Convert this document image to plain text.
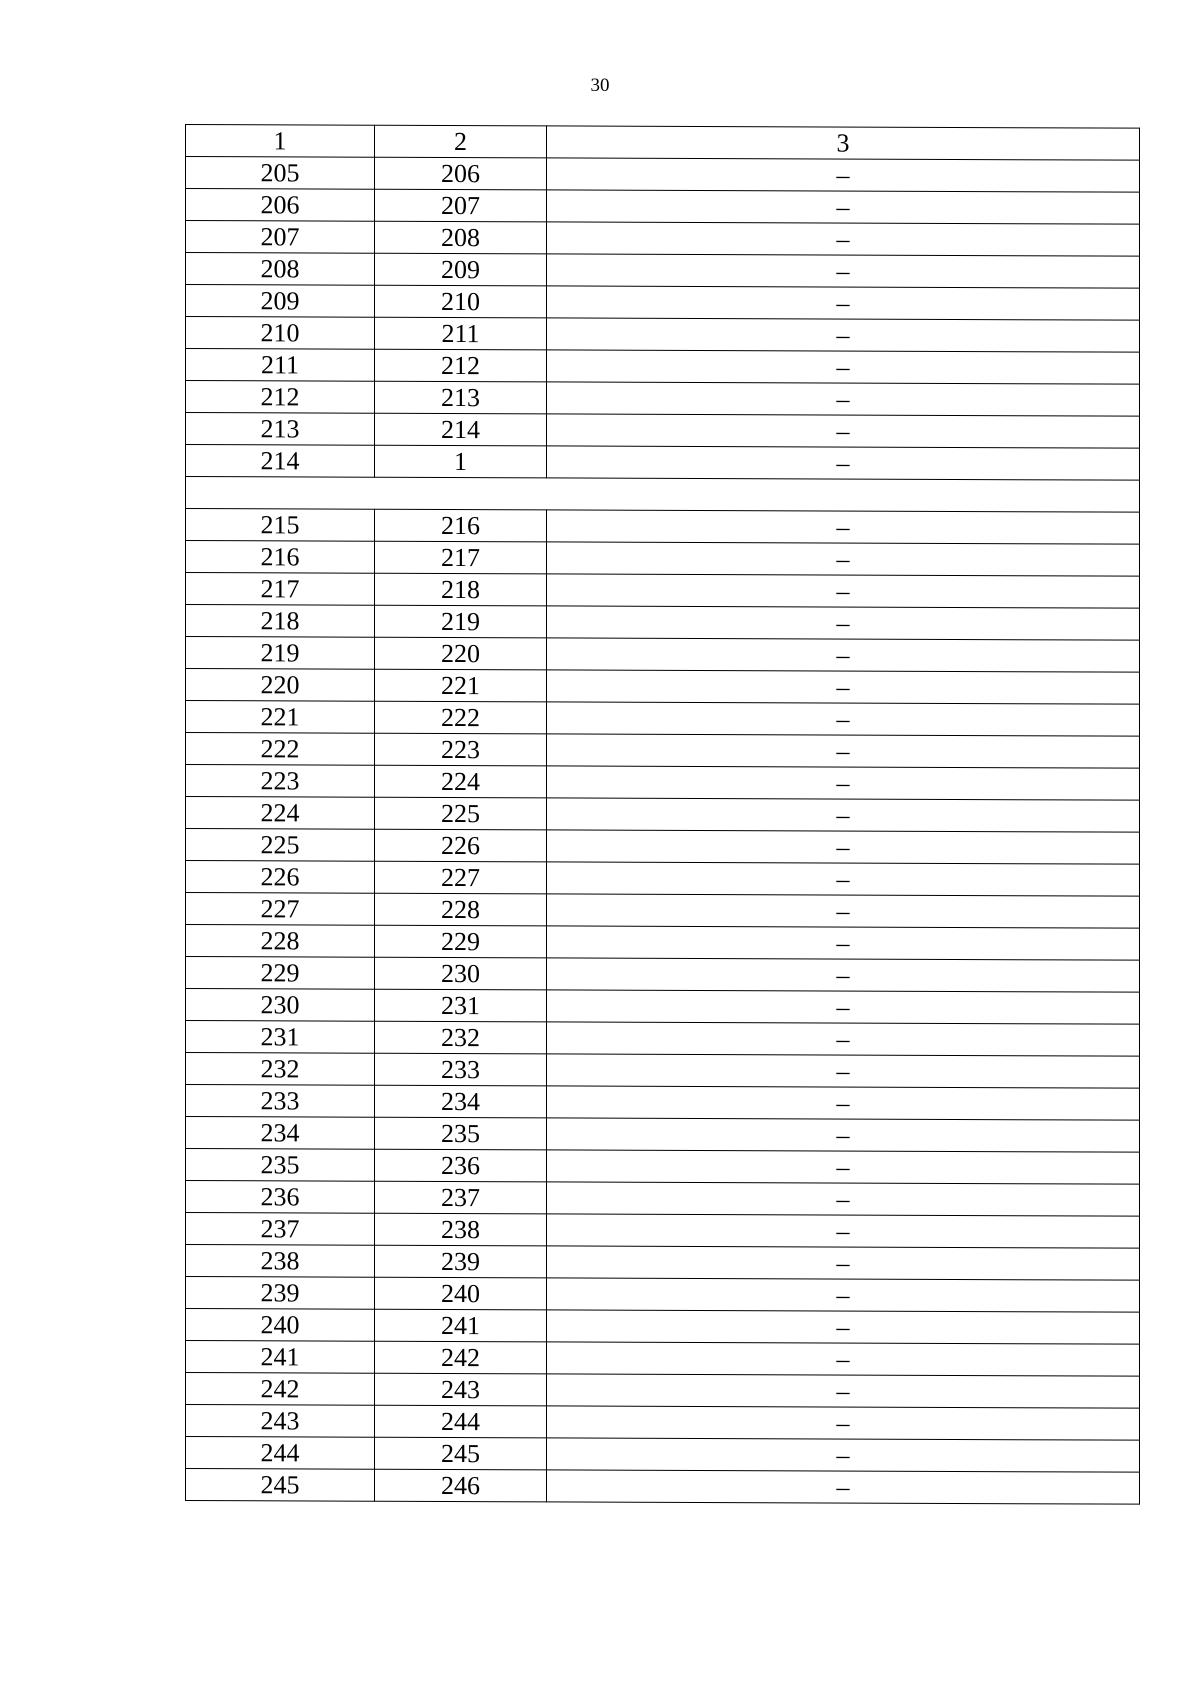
30
1	2	3
205	206	–
206	207	–
207	208	–
208	209	–
209	210	–
210	211	–
211	212	–
212	213	–
213	214	–
214	1	–

215	216	–
216	217	–
217	218	–
218	219	–
219	220	–
220	221	–
221	222	–
222	223	–
223	224	–
224	225	–
225	226	–
226	227	–
227	228	–
228	229	–
229	230	–
230	231	–
231	232	–
232	233	–
233	234	–
234	235	–
235	236	–
236	237	–
237	238	–
238	239	–
239	240	–
240	241	–
241	242	–
242	243	–
243	244	–
244	245	–
245	246	–
